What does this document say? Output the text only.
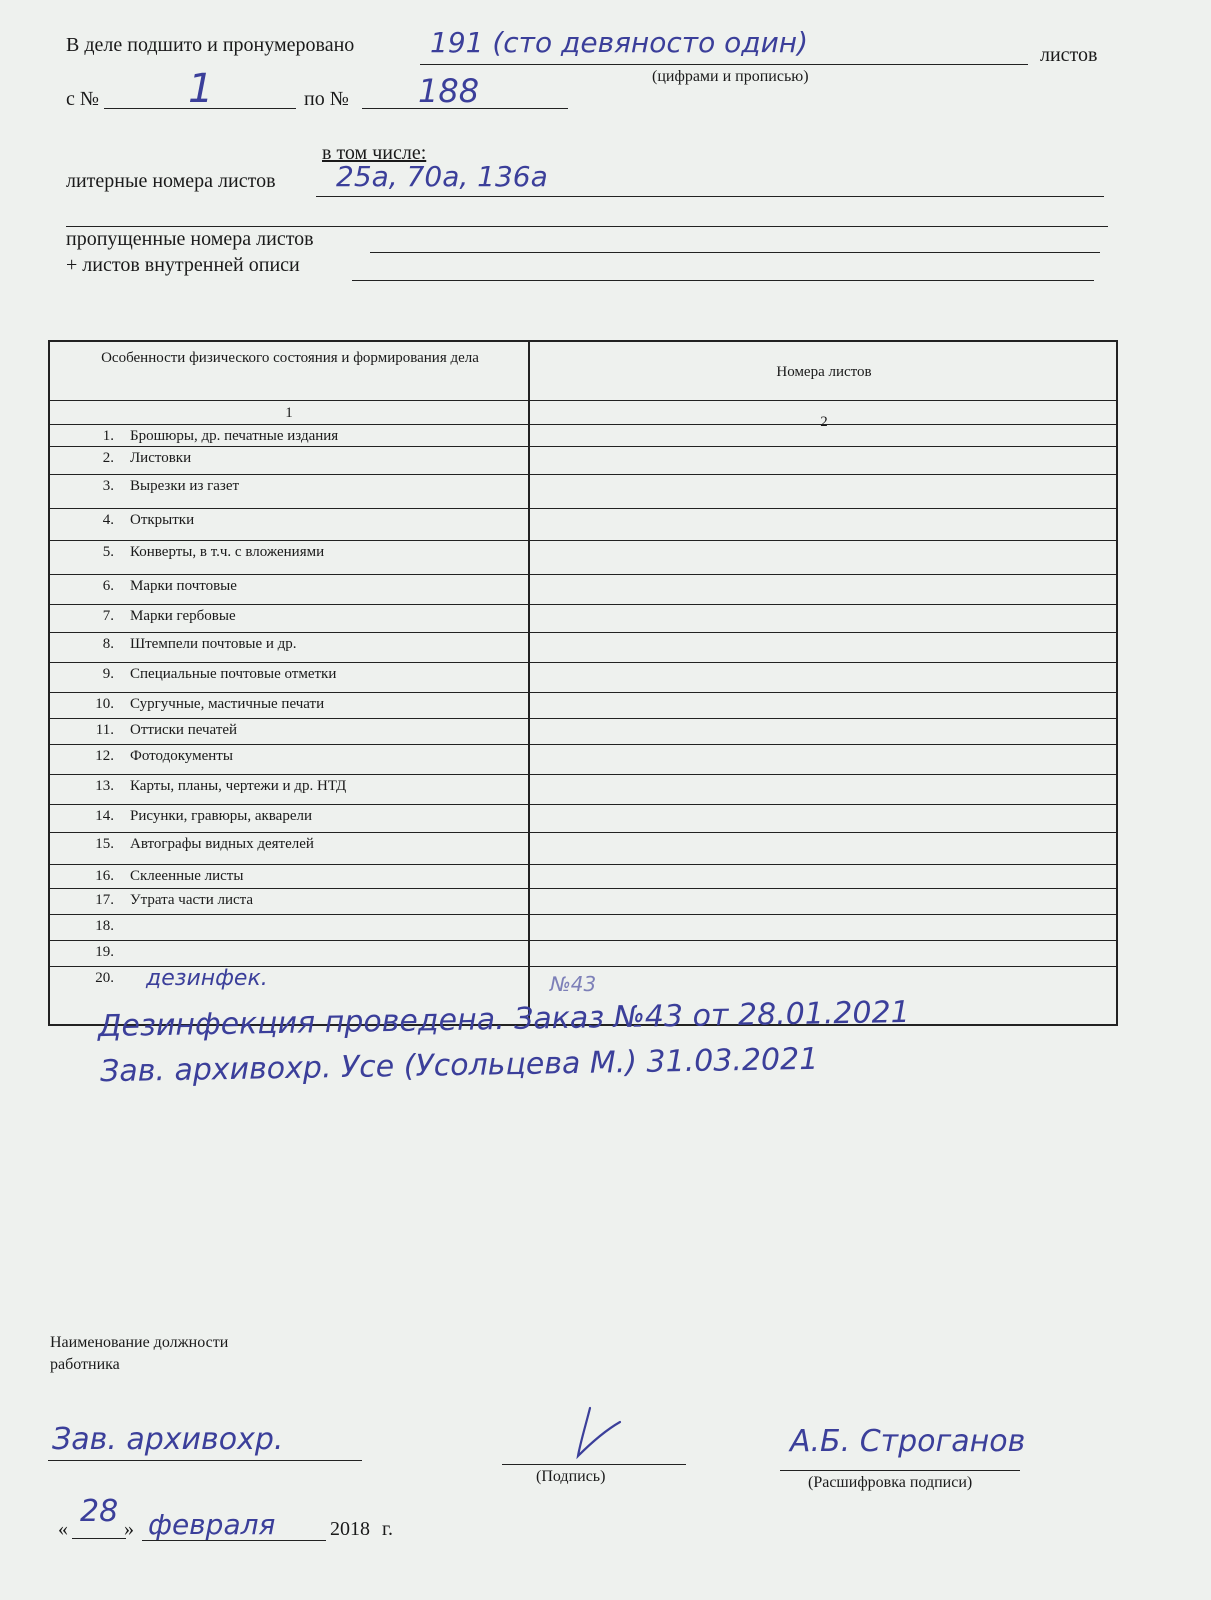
В деле подшито и пронумеровано	191 (сто девяносто один)	листов
(цифрами и прописью)
с № 1	по № 188
в том числе:
литерные номера листов 25а, 70а, 136а
пропущенные номера листов
+ листов внутренней описи
Особенности физического состояния и формирования дела
Номера листов
1
2
1. Брошюры, др. печатные издания
2. Листовки
3. Вырезки из газет
4. Открытки
5. Конверты, в т.ч. с вложениями
6. Марки почтовые
7. Марки гербовые
8. Штемпели почтовые и др.
9. Специальные почтовые отметки
10. Сургучные, мастичные печати
11. Оттиски печатей
12. Фотодокументы
13. Карты, планы, чертежи и др. НТД
14. Рисунки, гравюры, акварели
15. Автографы видных деятелей
16. Склеенные листы
17. Утрата части листа
18.
19.
20. дезинфек.	№43
Дезинфекция проведена. Заказ №43 от 28.01.2021
Зав. архивохр. Усе (Усольцева М.) 31.03.2021
Наименование должности работника
Зав. архивохр.
(Подпись)
А.Б. Строганов
(Расшифровка подписи)
« 28 » февраля	2018 г.
